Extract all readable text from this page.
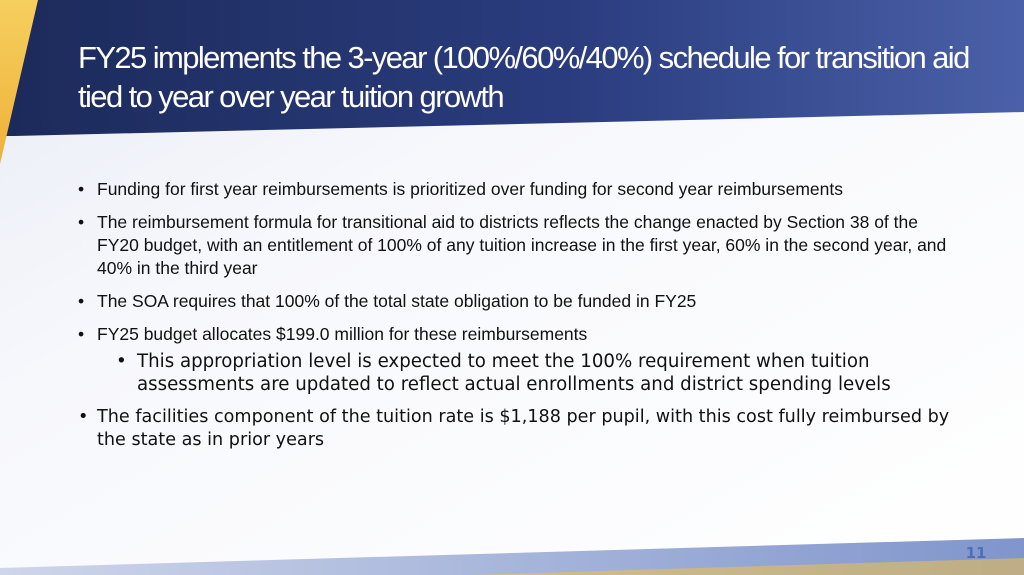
FY25 implements the 3-year (100%/60%/40%) schedule for transition aid tied to year over year tuition growth
• Funding for first year reimbursements is prioritized over funding for second year reimbursements
• The reimbursement formula for transitional aid to districts reflects the change enacted by Section 38 of the FY20 budget, with an entitlement of 100% of any tuition increase in the first year, 60% in the second year, and 40% in the third year
• The SOA requires that 100% of the total state obligation to be funded in FY25
• FY25 budget allocates $199.0 million for these reimbursements
• This appropriation level is expected to meet the 100% requirement when tuition assessments are updated to reflect actual enrollments and district spending levels
• The facilities component of the tuition rate is $1,188 per pupil, with this cost fully reimbursed by the state as in prior years
11
